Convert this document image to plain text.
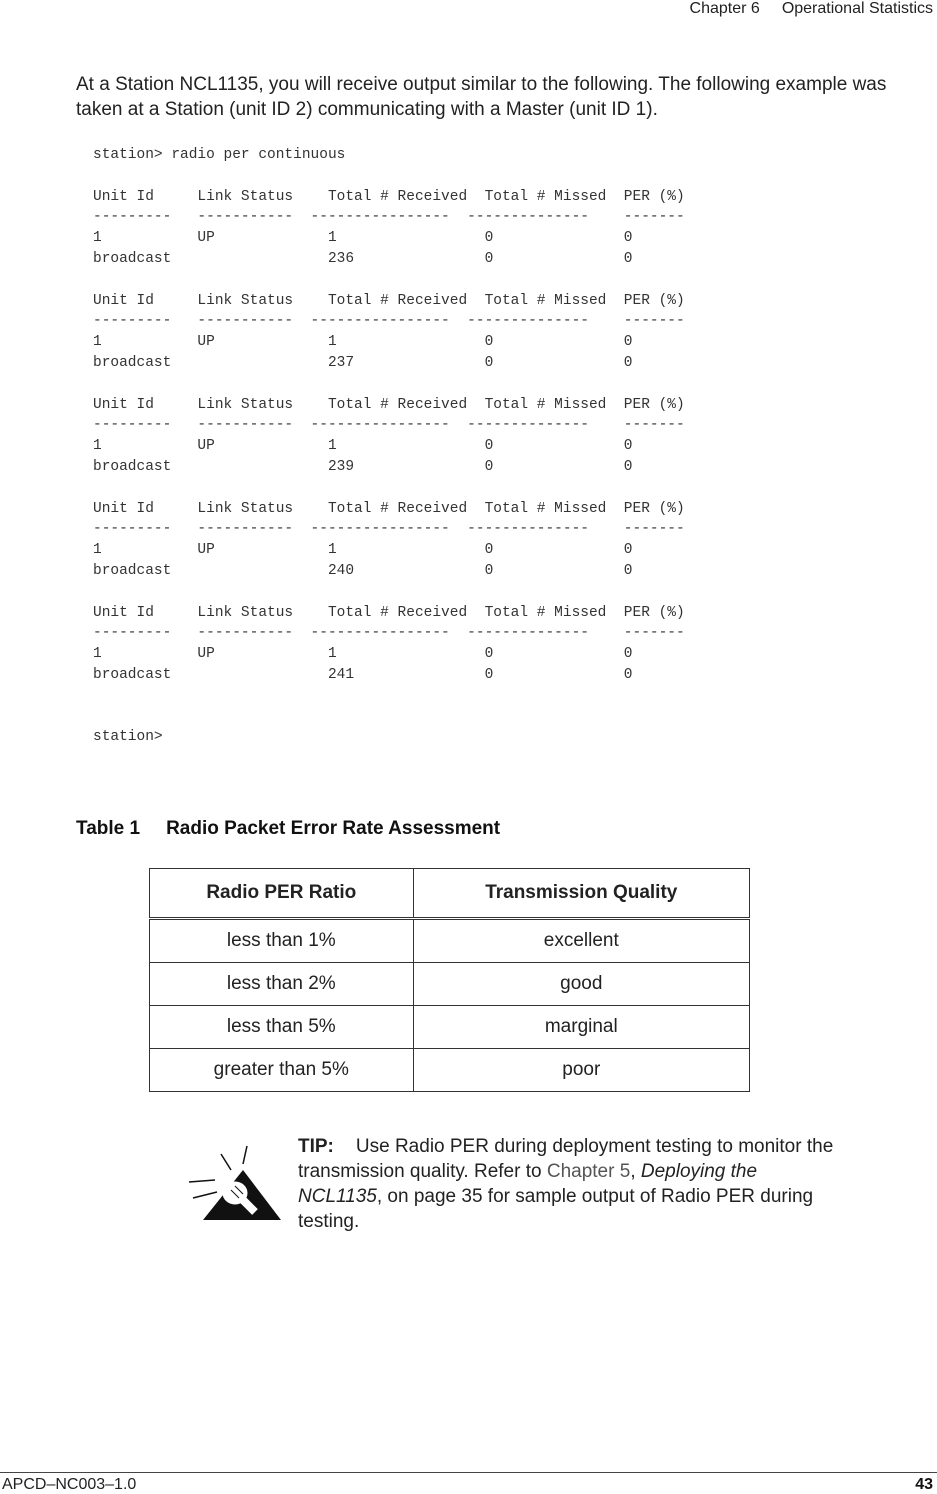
Chapter 6 Operational Statistics

At a Station NCL1135, you will receive output similar to the following. The following example was taken at a Station (unit ID 2) communicating with a Master (unit ID 1).

station> radio per continuous

Unit Id     Link Status    Total # Received  Total # Missed  PER (%)
---------   -----------  ----------------  --------------    -------
1           UP             1                 0               0
broadcast                  236               0               0

Unit Id     Link Status    Total # Received  Total # Missed  PER (%)
---------   -----------  ----------------  --------------    -------
1           UP             1                 0               0
broadcast                  237               0               0

Unit Id     Link Status    Total # Received  Total # Missed  PER (%)
---------   -----------  ----------------  --------------    -------
1           UP             1                 0               0
broadcast                  239               0               0

Unit Id     Link Status    Total # Received  Total # Missed  PER (%)
---------   -----------  ----------------  --------------    -------
1           UP             1                 0               0
broadcast                  240               0               0

Unit Id     Link Status    Total # Received  Total # Missed  PER (%)
---------   -----------  ----------------  --------------    -------
1           UP             1                 0               0
broadcast                  241               0               0

station>
Table 1 Radio Packet Error Rate Assessment
Radio PER Ratio	Transmission Quality
less than 1%	excellent
less than 2%	good
less than 5%	marginal
greater than 5%	poor

TIP: Use Radio PER during deployment testing to monitor the transmission quality. Refer to Chapter 5, Deploying the NCL1135, on page 35 for sample output of Radio PER during testing.

APCD–NC003–1.0	43
